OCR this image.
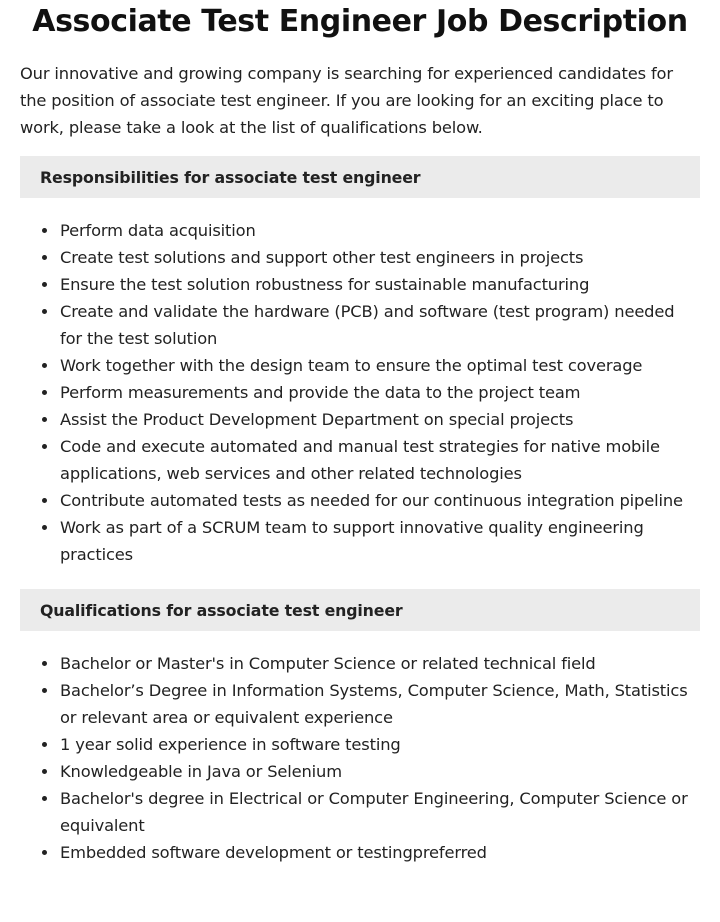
Associate Test Engineer Job Description

Our innovative and growing company is searching for experienced candidates for the position of associate test engineer. If you are looking for an exciting place to work, please take a look at the list of qualifications below.

Responsibilities for associate test engineer
Perform data acquisition
Create test solutions and support other test engineers in projects
Ensure the test solution robustness for sustainable manufacturing
Create and validate the hardware (PCB) and software (test program) needed for the test solution
Work together with the design team to ensure the optimal test coverage
Perform measurements and provide the data to the project team
Assist the Product Development Department on special projects
Code and execute automated and manual test strategies for native mobile applications, web services and other related technologies
Contribute automated tests as needed for our continuous integration pipeline
Work as part of a SCRUM team to support innovative quality engineering practices
Qualifications for associate test engineer
Bachelor or Master's in Computer Science or related technical field
Bachelor’s Degree in Information Systems, Computer Science, Math, Statistics or relevant area or equivalent experience
1 year solid experience in software testing
Knowledgeable in Java or Selenium
Bachelor's degree in Electrical or Computer Engineering, Computer Science or equivalent
Embedded software development or testingpreferred
